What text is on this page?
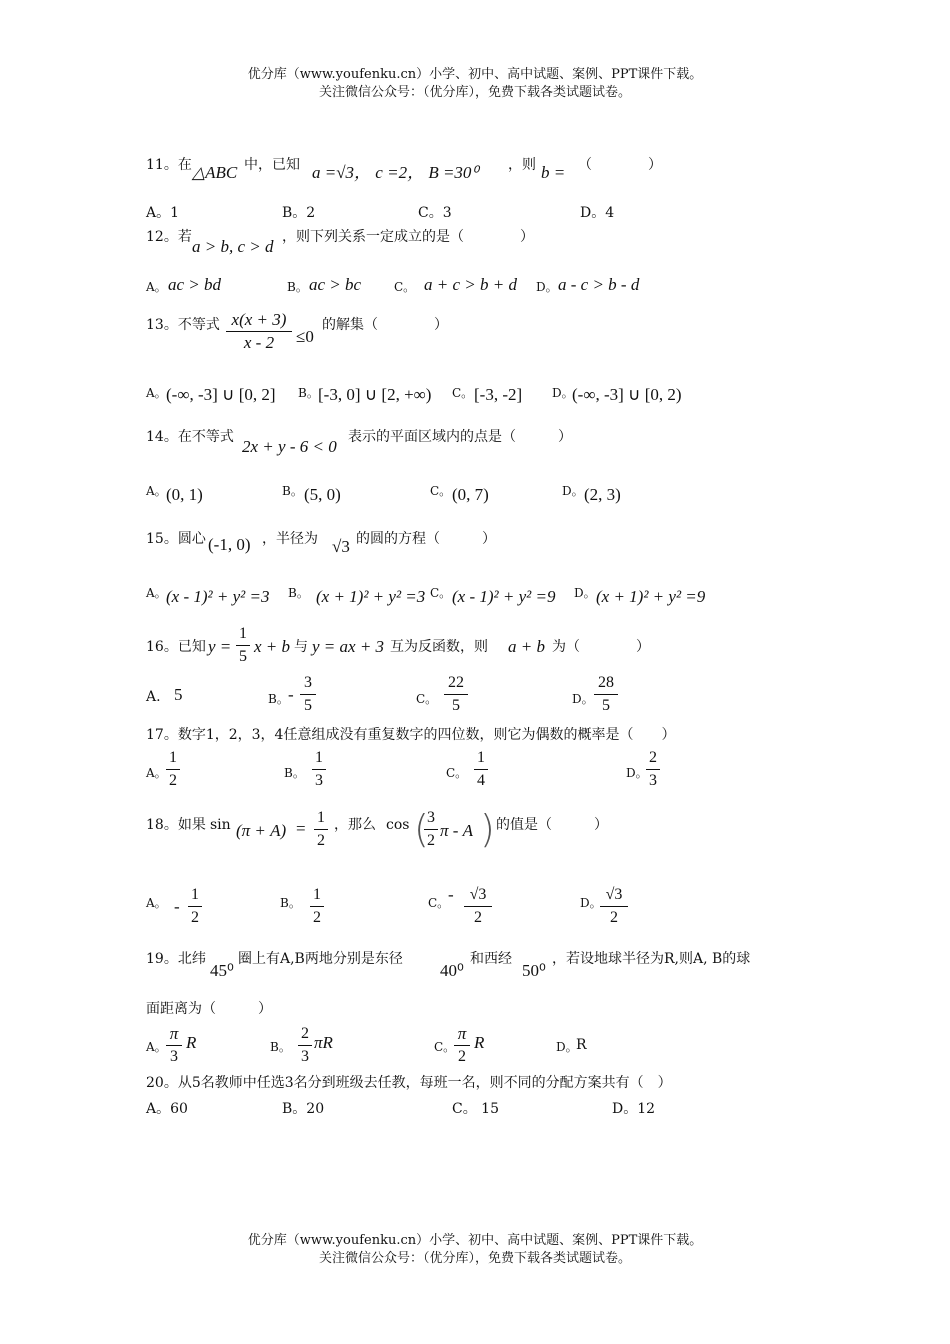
优分库（www.youfenku.cn）小学、初中、高中试题、案例、PPT课件下载。
关注微信公众号：（优分库），免费下载各类试题试卷。
11。在 △ABC 中，已知 a =√3， c =2， B =30⁰ ，则 b = （　　　　）
A。1	B。2	C。3	D。4
12。若 a > b, c > d ，则下列关系一定成立的是（　　　　）
A。 ac > bd	B。 ac > bc	C。 a + c > b + d D。 a - c > b - d
13。不等式 x(x + 3)
x - 2	≤0
的解集（　　　　）
A。 (-∞, -3] ∪ [0, 2] B。 [-3, 0] ∪ [2, +∞) C。 [-3, -2] D。
(-∞, -3] ∪ [0, 2)
14。在不等式 2x + y - 6 < 0 表示的平面区域内的点是（　　　）
A。 (0, 1)	B。 (5, 0)	C。 (0, 7)	D。 (2, 3)
15。圆心 (-1, 0) ，半径为 √3 的圆的方程（　　　）
A。 (x - 1)² + y² =3 B。 (x + 1)² + y² =3 C。 (x - 1)² + y² =9 D。 (x + 1)² + y² =9
16。已知 y =
1
5
x + b 与 y = ax + 3 互为反函数，则 a + b 为（　　　　）
A. 5	B。 -
3
5	C。
22
5	D。
28
5
17。数字1，2，3，4任意组成没有重复数字的四位数，则它为偶数的概率是（　　）
A。
1
2	B。
1
3	C。
1
4	D。
2
3
18。如果 sin (π + A) =
1
2
，那么 cos (
3
2
π - A ) 的值是（　　　）
A。 -
1
2
B。 1
2
C。
- √3
2
D。 √3
2
19。北纬
45⁰
圈上有A,B两地分别是东径
40⁰
和西经
50⁰
，若设地球半径为R,则A, B的球
面距离为（　　　）
A。
π
3
R	B。
2
3
πR	C。
π
2
R	D。
R
20。从5名教师中任选3名分到班级去任教，每班一名，则不同的分配方案共有（　）
A。60	B。20	C。 15	D。12
优分库（www.youfenku.cn）小学、初中、高中试题、案例、PPT课件下载。
关注微信公众号：（优分库），免费下载各类试题试卷。
